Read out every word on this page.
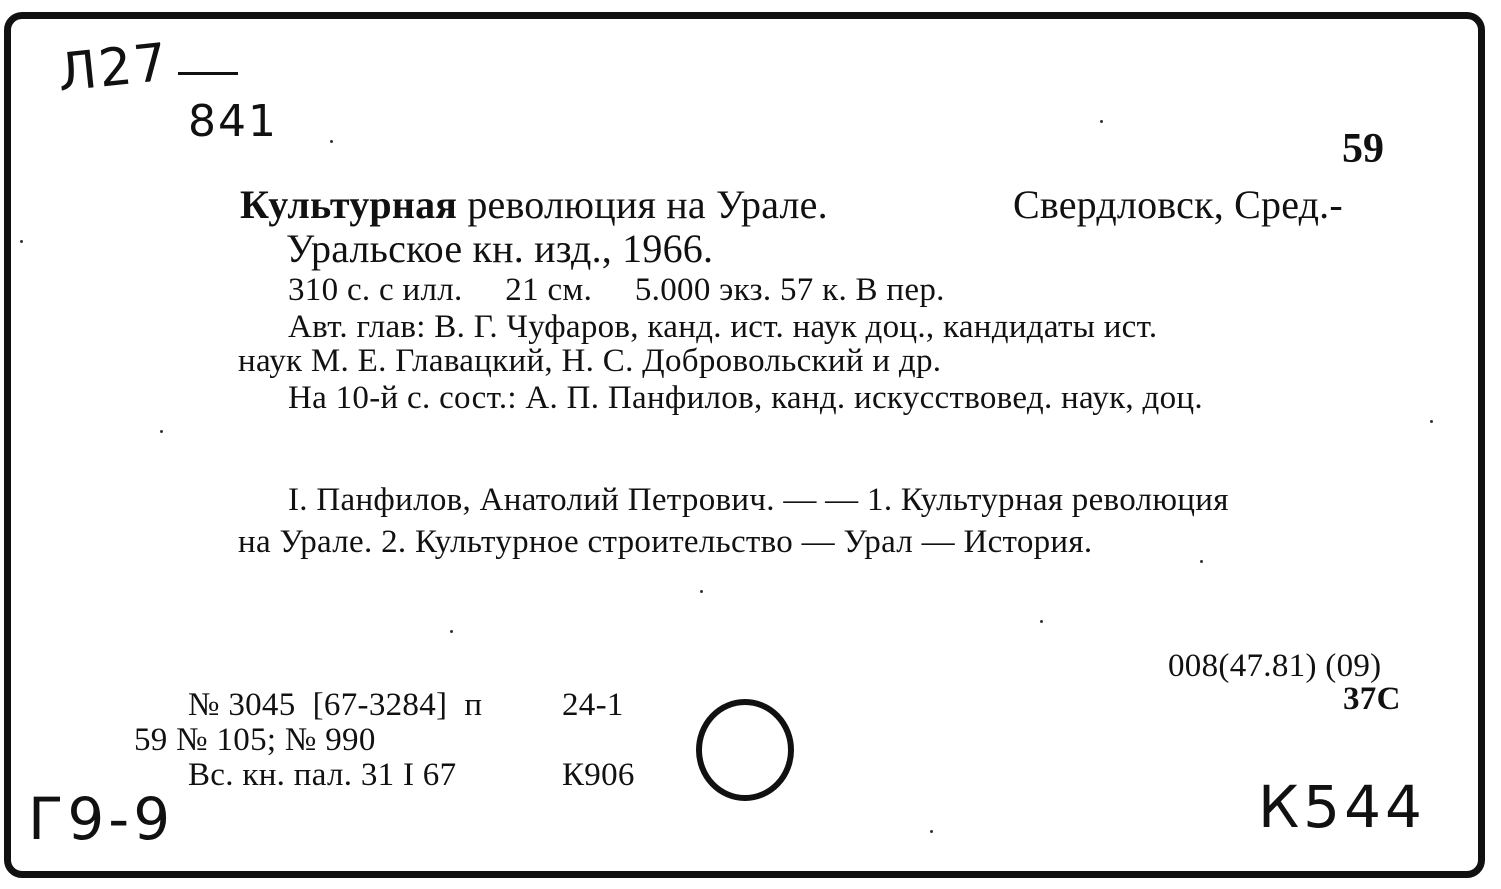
Л27
841
59
Культурная революция на Урале.	Свердловск, Сред.-
Уральское кн. изд., 1966.
310 с. с илл.     21 см.     5.000 экз. 57 к. В пер.
Авт. глав: В. Г. Чуфаров, канд. ист. наук доц., кандидаты ист.
наук М. Е. Главацкий, Н. С. Добровольский и др.
На 10-й с. сост.: А. П. Панфилов, канд. искусствовед. наук, доц.
I. Панфилов, Анатолий Петрович. — — 1. Культурная революция
на Урале. 2. Культурное строительство — Урал — История.
008(47.81) (09)
37С
№ 3045  [67-3284]  п 24-1
59 № 105; № 990
Вс. кн. пал. 31 I 67	К906
Г9-9	К544
